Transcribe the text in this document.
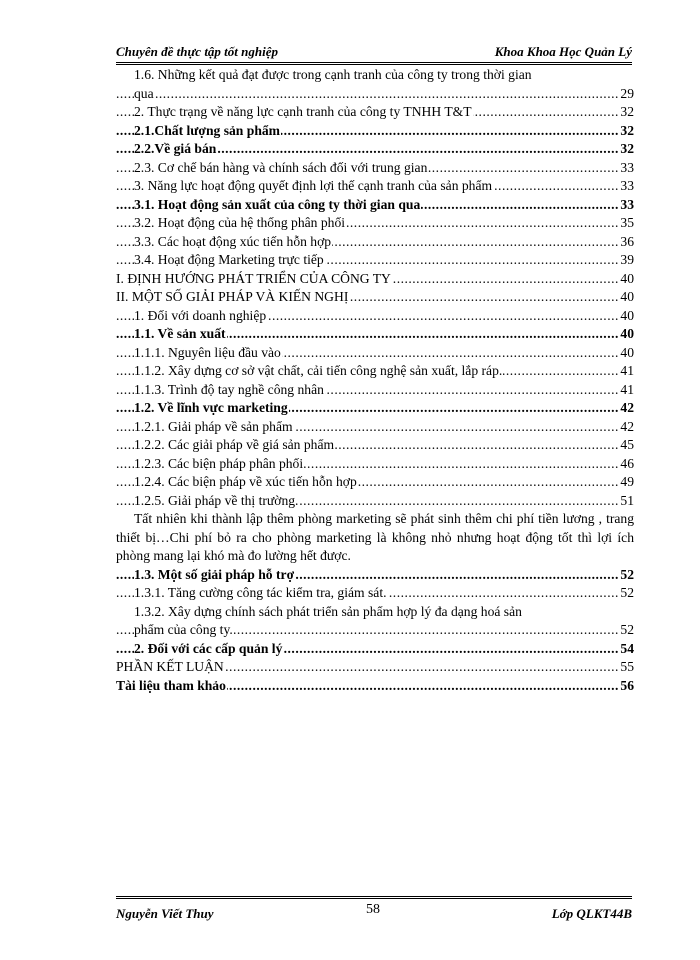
Chuyên đề thực tập tốt nghiệp	Khoa Khoa Học Quản Lý
1.6. Những kết quả đạt được trong cạnh tranh của công ty trong thời gian
.....
qua	29
.....
2. Thực trạng về năng lực cạnh tranh của công ty TNHH T&T	32
.....
2.1.Chất lượng sản phẩm	32
.....
2.2.Về giá bán	32
.....
2.3. Cơ chế bán hàng và chính sách đối với trung gian	33
.....
3. Năng lực hoạt động quyết định lợi thế cạnh tranh của sản phẩm	33
.....
3.1. Hoạt động sản xuất của công ty thời gian qua	33
.....
3.2. Hoạt động của hệ thống phân phối	35
.....
3.3. Các hoạt động xúc tiến hỗn hợp	36
.....
3.4. Hoạt động Marketing trực tiếp	39
.....
I. ĐỊNH HƯỚNG PHÁT TRIỂN CỦA CÔNG TY	40
.....
II. MỘT SỐ GIẢI PHÁP VÀ KIẾN NGHỊ	40
.....
1. Đối với doanh nghiệp	40
.....
1.1. Về sản xuất	40
.....
1.1.1. Nguyên liệu đầu vào	40
.....
1.1.2. Xây dựng cơ sở vật chất, cải tiến công nghệ sản xuất, lắp ráp.	41
.....
1.1.3. Trình độ tay nghề công nhân	41
.....
1.2. Về lĩnh vực marketing	42
.....
1.2.1. Giải pháp về sản phẩm	42
.....
1.2.2. Các giải pháp về giá sản phẩm	45
.....
1.2.3. Các biện pháp phân phối	46
.....
1.2.4. Các biện pháp về xúc tiến hỗn hợp	49
.....
1.2.5. Giải pháp về thị trường.	51
Tất nhiên khi thành lập thêm phòng marketing sẽ phát sinh thêm chi phí tiền lương , trang thiết bị…Chi phí bỏ ra cho phòng marketing là không nhỏ nhưng hoạt động tốt thì lợi ích phòng mang lại khó mà đo lường hết được.
.....
1.3. Một số giải pháp hỗ trợ	52
.....
1.3.1. Tăng cường công tác kiểm tra, giám sát.	52
1.3.2. Xây dựng chính sách phát triển sản phẩm hợp lý đa dạng hoá sản
.....
phẩm của công ty.	52
.....
2. Đối với các cấp quản lý	54
.....
PHẦN KẾT LUẬN	55
.....
Tài liệu tham khảo	56
Nguyễn Viết Thuy	58	Lớp QLKT44B
